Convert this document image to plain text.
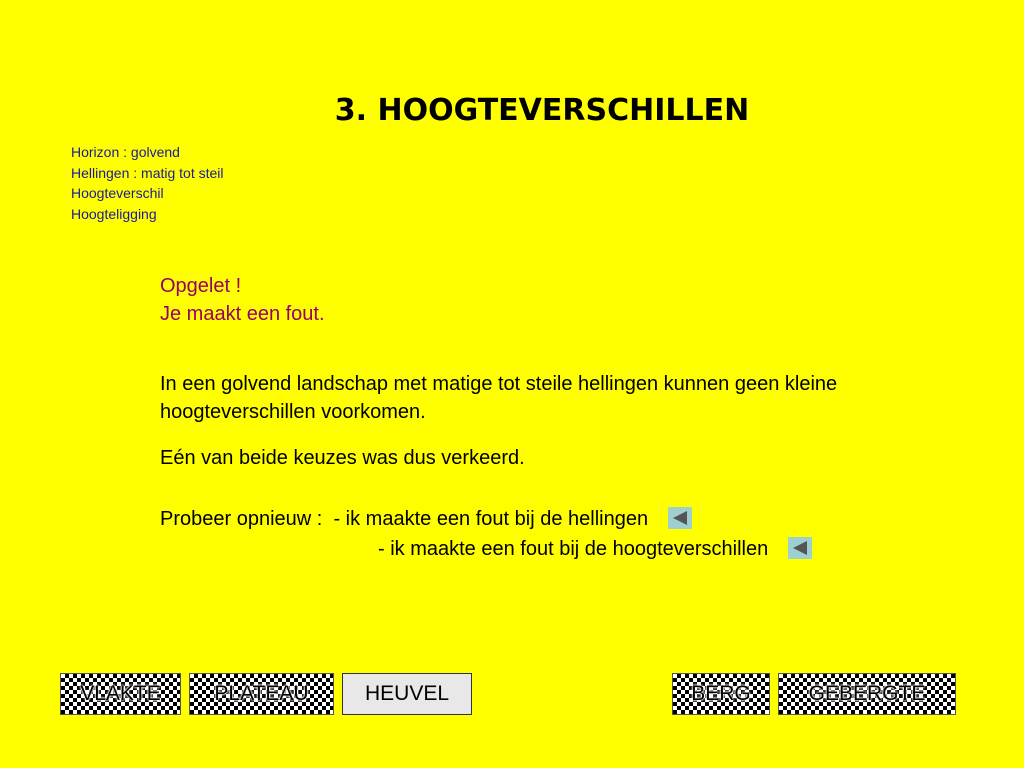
3. HOOGTEVERSCHILLEN
Horizon : golvend
Hellingen : matig tot steil
Hoogteverschil
Hoogteligging
Opgelet !
Je maakt een fout.
In een golvend landschap met matige tot steile hellingen kunnen geen kleine hoogteverschillen voorkomen.
Eén van beide keuzes was dus verkeerd.
Probeer opnieuw : - ik maakte een fout bij de hellingen
- ik maakte een fout bij de hoogteverschillen
VLAKTE	PLATEAU	HEUVEL	BERG	GEBERGTE
